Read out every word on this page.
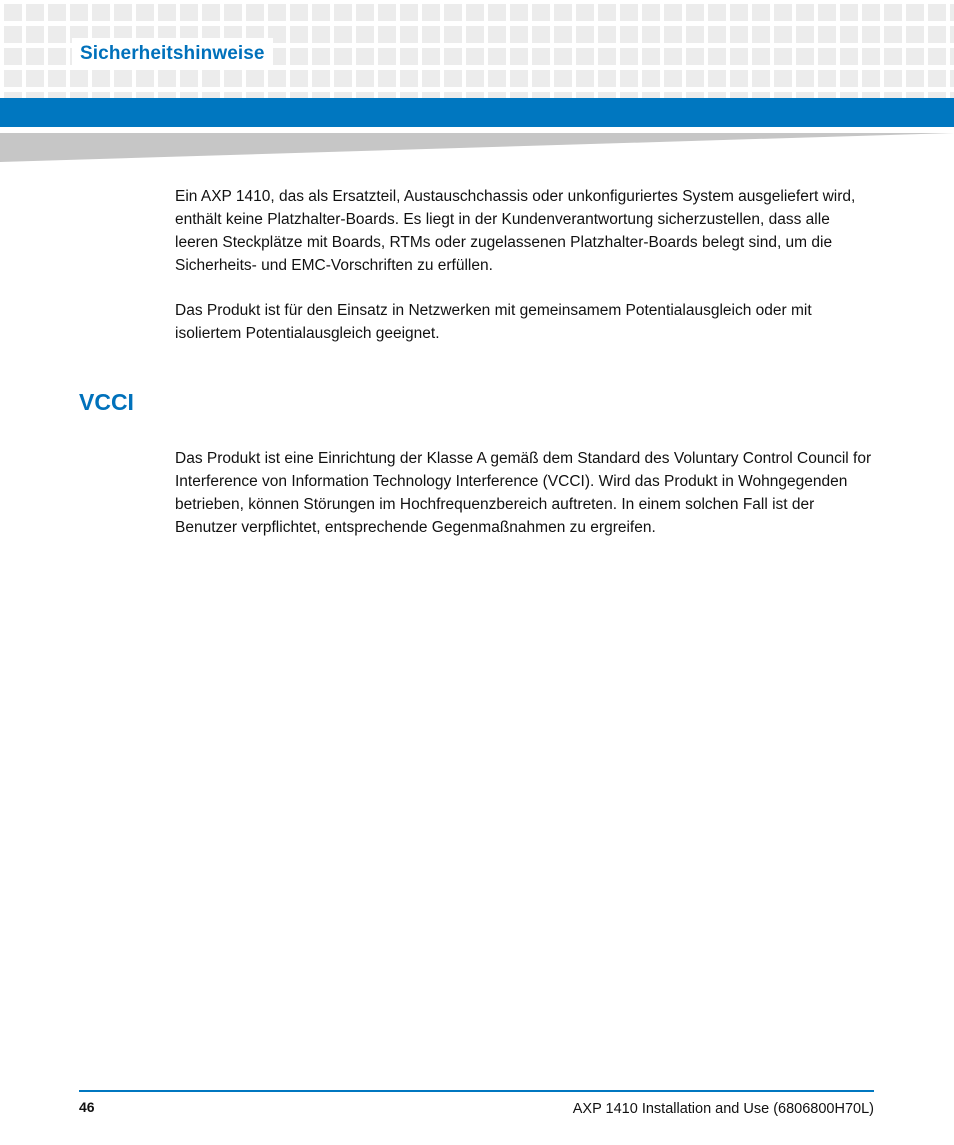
Sicherheitshinweise

Ein AXP 1410, das als Ersatzteil, Austauschchassis oder unkonfiguriertes System ausgeliefert wird, enthält keine Platzhalter-Boards. Es liegt in der Kundenverantwortung sicherzustellen, dass alle leeren Steckplätze mit Boards, RTMs oder zugelassenen Platzhalter-Boards belegt sind, um die Sicherheits- und EMC-Vorschriften zu erfüllen.

Das Produkt ist für den Einsatz in Netzwerken mit gemeinsamem Potentialausgleich oder mit isoliertem Potentialausgleich geeignet.

VCCI

Das Produkt ist eine Einrichtung der Klasse A gemäß dem Standard des Voluntary Control Council for Interference von Information Technology Interference (VCCI). Wird das Produkt in Wohngegenden betrieben, können Störungen im Hochfrequenzbereich auftreten. In einem solchen Fall ist der Benutzer verpflichtet, entsprechende Gegenmaßnahmen zu ergreifen.

46	AXP 1410 Installation and Use (6806800H70L)
